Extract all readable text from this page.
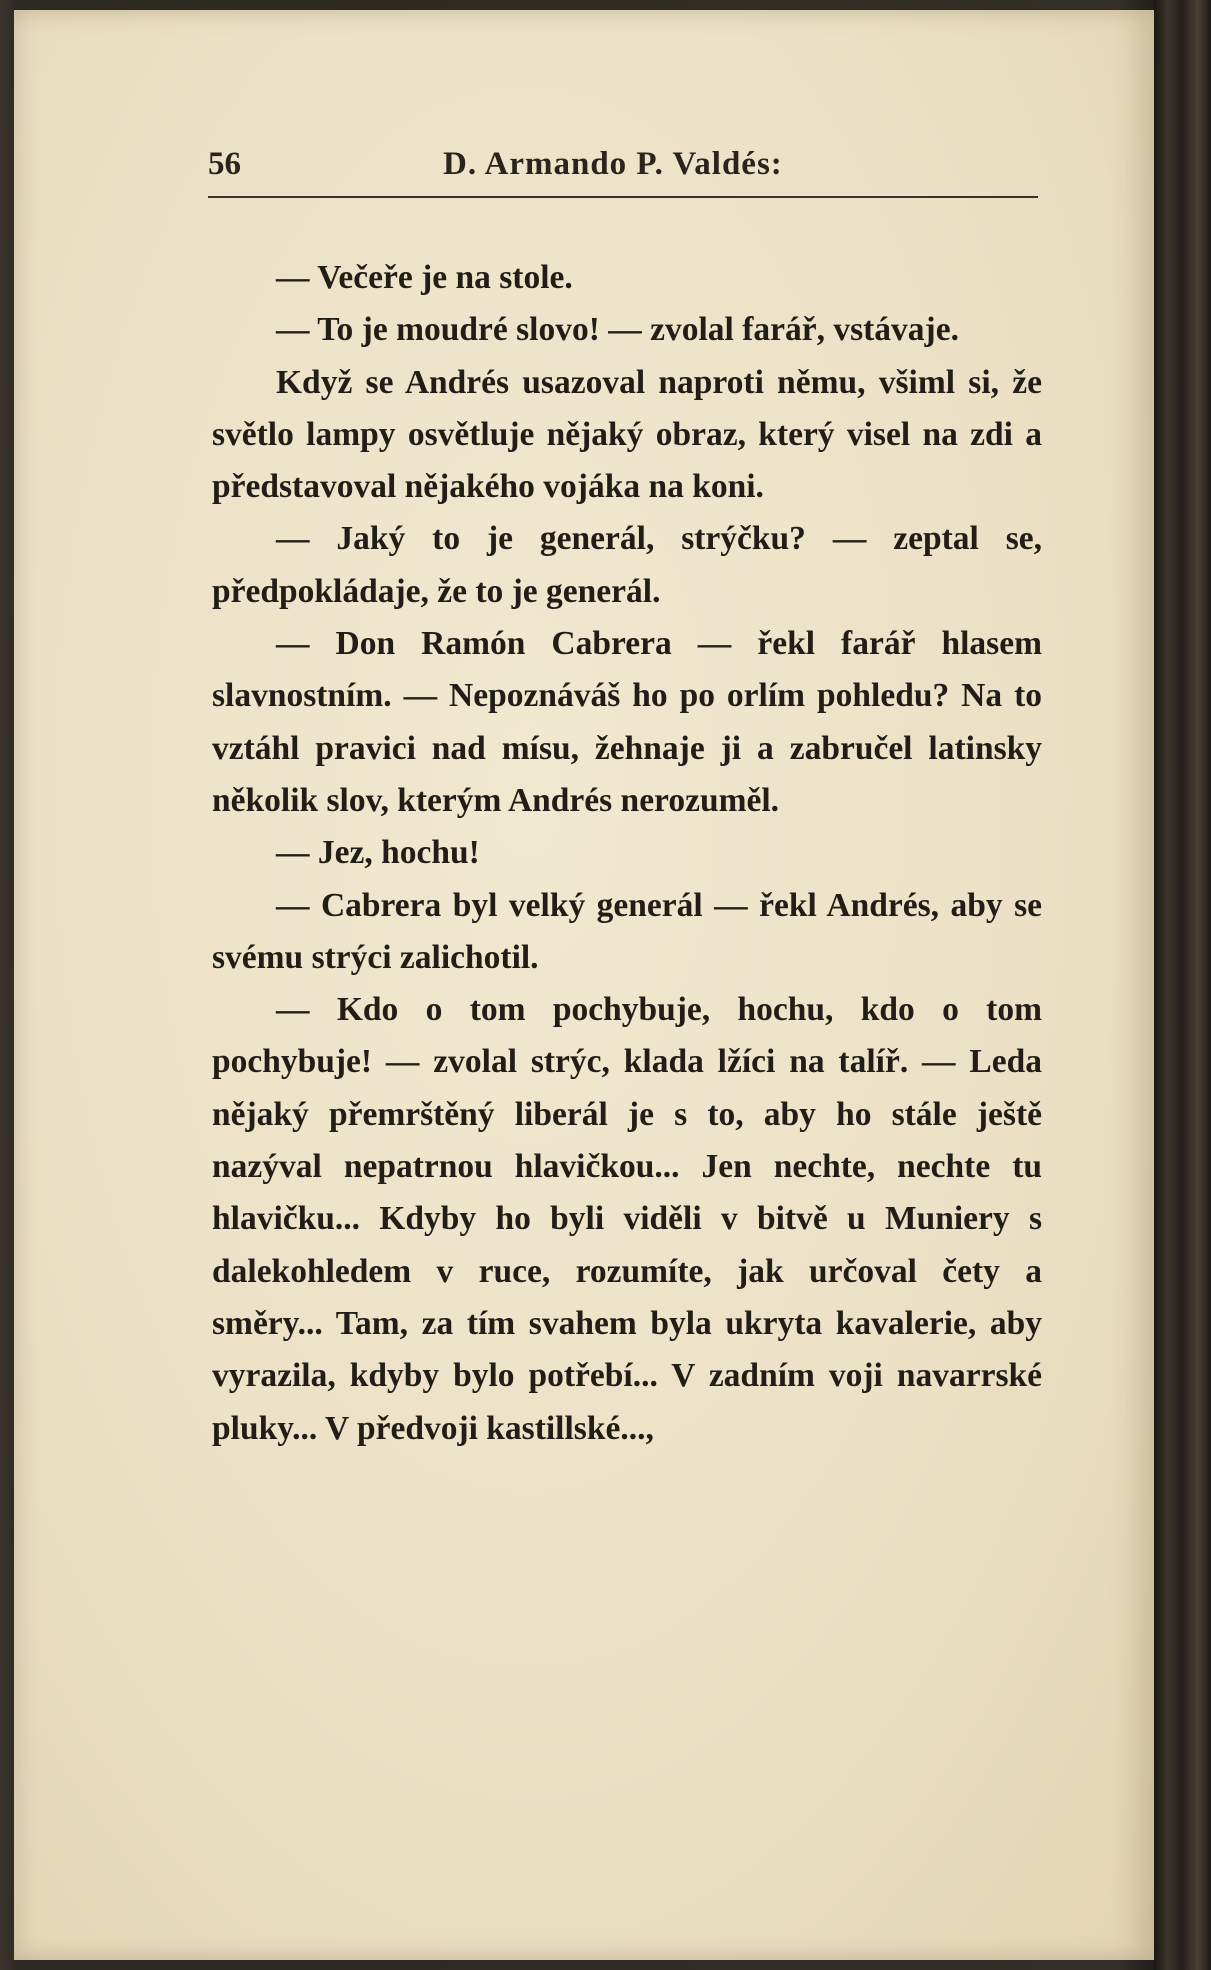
56	D. Armando P. Valdés:

— Večeře je na stole.

— To je moudré slovo! — zvolal farář, vstávaje.

Když se Andrés usazoval naproti němu, všiml si, že světlo lampy osvětluje nějaký obraz, který visel na zdi a představoval nějakého vojáka na koni.

— Jaký to je generál, strýčku? — zeptal se, předpokládaje, že to je generál.

— Don Ramón Cabrera — řekl farář hlasem slavnostním. — Nepoznáváš ho po orlím pohledu? Na to vztáhl pravici nad mísu, žehnaje ji a zabručel latinsky několik slov, kterým Andrés nerozuměl.

— Jez, hochu!

— Cabrera byl velký generál — řekl Andrés, aby se svému strýci zalichotil.

— Kdo o tom pochybuje, hochu, kdo o tom pochybuje! — zvolal strýc, klada lžíci na talíř. — Leda nějaký přemrštěný liberál je s to, aby ho stále ještě nazýval nepatrnou hlavičkou... Jen nechte, nechte tu hlavičku... Kdyby ho byli viděli v bitvě u Muniery s dalekohledem v ruce, rozumíte, jak určoval čety a směry... Tam, za tím svahem byla ukryta kavalerie, aby vyrazila, kdyby bylo potřebí... V zadním voji navarrské pluky... V předvoji kastillské...,
